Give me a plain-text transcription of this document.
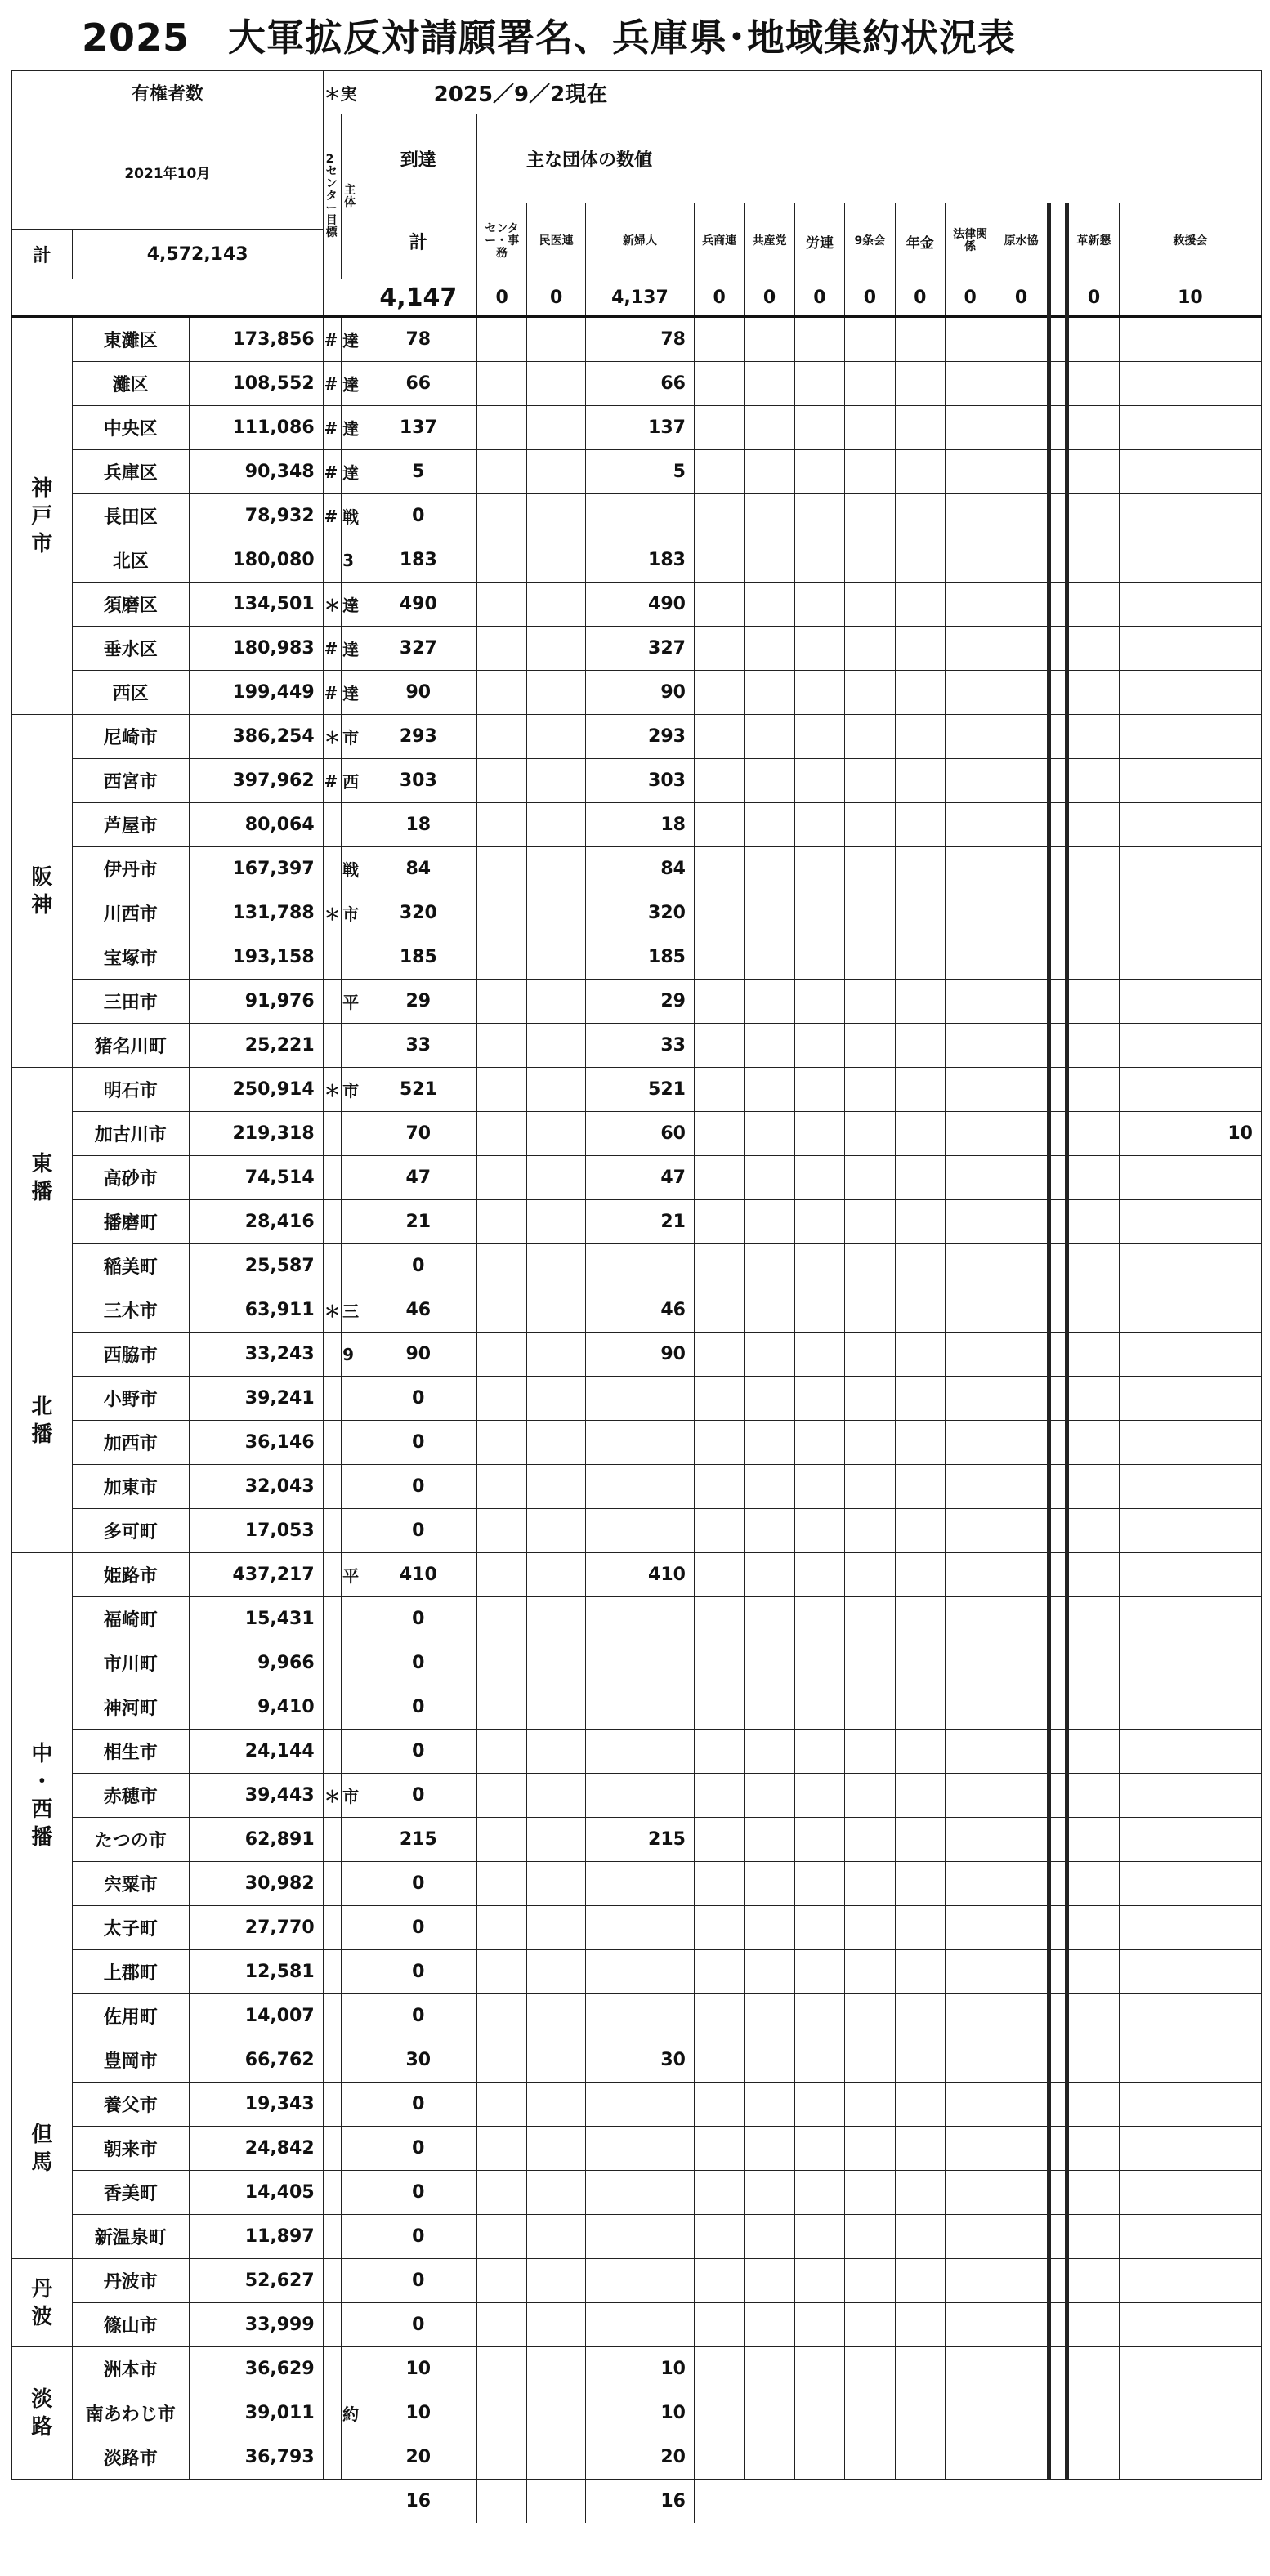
2025　大軍拡反対請願署名、兵庫県･地域集約状況表
有権者数			＊実		2025／9／2現在													
2021年10月			2センター目標	主体	到達	主な団体の数値												
					計	センター・事務	民医連	新婦人	兵商連	共産党	労連	9条会	年金	法律関係	原水協		革新懇	救援会
計	4,572,143																	
					4,147	0	0	4,137	0	0	0	0	0	0	0		0	10
神
戸
市	東灘区	173,856	#	達	78			78										
	灘区	108,552	#	達	66			66										
	中央区	111,086	#	達	137			137										
	兵庫区	90,348	#	達	5			5										
	長田区	78,932	#	戦	0													
	北区	180,080		3	183			183										
	須磨区	134,501	＊	達	490			490										
	垂水区	180,983	#	達	327			327										
	西区	199,449	#	達	90			90										
阪
神	尼崎市	386,254	＊	市	293			293										
	西宮市	397,962	#	西	303			303										
	芦屋市	80,064			18			18										
	伊丹市	167,397		戦	84			84										
	川西市	131,788	＊	市	320			320										
	宝塚市	193,158			185			185										
	三田市	91,976		平	29			29										
	猪名川町	25,221			33			33										
東
播	明石市	250,914	＊	市	521			521										
	加古川市	219,318			70			60										10
	高砂市	74,514			47			47										
	播磨町	28,416			21			21										
	稲美町	25,587			0													
北
播	三木市	63,911	＊	三	46			46										
	西脇市	33,243		9	90			90										
	小野市	39,241			0													
	加西市	36,146			0													
	加東市	32,043			0													
	多可町	17,053			0													
中
・
西
播	姫路市	437,217		平	410			410										
	福崎町	15,431			0													
	市川町	9,966			0													
	神河町	9,410			0													
	相生市	24,144			0													
	赤穂市	39,443	＊	市	0													
	たつの市	62,891			215			215										
	宍粟市	30,982			0													
	太子町	27,770			0													
	上郡町	12,581			0													
	佐用町	14,007			0													
但
馬	豊岡市	66,762			30			30										
	養父市	19,343			0													
	朝来市	24,842			0													
	香美町	14,405			0													
	新温泉町	11,897			0													
丹
波	丹波市	52,627			0													
	篠山市	33,999			0													
淡
路	洲本市	36,629			10			10										
	南あわじ市	39,011		約	10			10										
	淡路市	36,793			20			20										
					16			16										
